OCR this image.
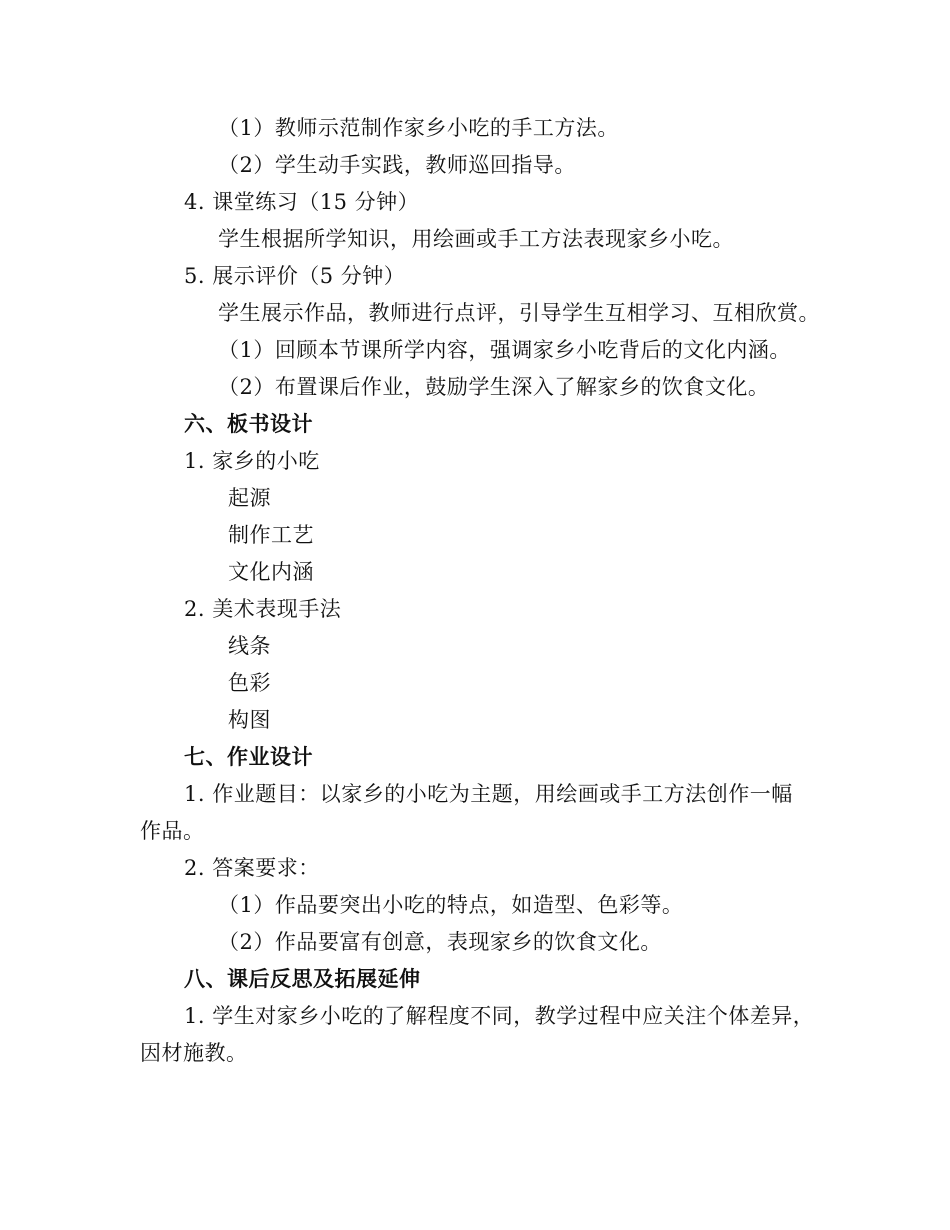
（1）教师示范制作家乡小吃的手工方法。
（2）学生动手实践，教师巡回指导。
4. 课堂练习（15 分钟）
学生根据所学知识，用绘画或手工方法表现家乡小吃。
5. 展示评价（5 分钟）
学生展示作品，教师进行点评，引导学生互相学习、互相欣赏。
（1）回顾本节课所学内容，强调家乡小吃背后的文化内涵。
（2）布置课后作业，鼓励学生深入了解家乡的饮食文化。
六、板书设计
1. 家乡的小吃
起源
制作工艺
文化内涵
2. 美术表现手法
线条
色彩
构图
七、作业设计
1. 作业题目：以家乡的小吃为主题，用绘画或手工方法创作一幅
作品。
2. 答案要求：
（1）作品要突出小吃的特点，如造型、色彩等。
（2）作品要富有创意，表现家乡的饮食文化。
八、课后反思及拓展延伸
1. 学生对家乡小吃的了解程度不同，教学过程中应关注个体差异，
因材施教。
